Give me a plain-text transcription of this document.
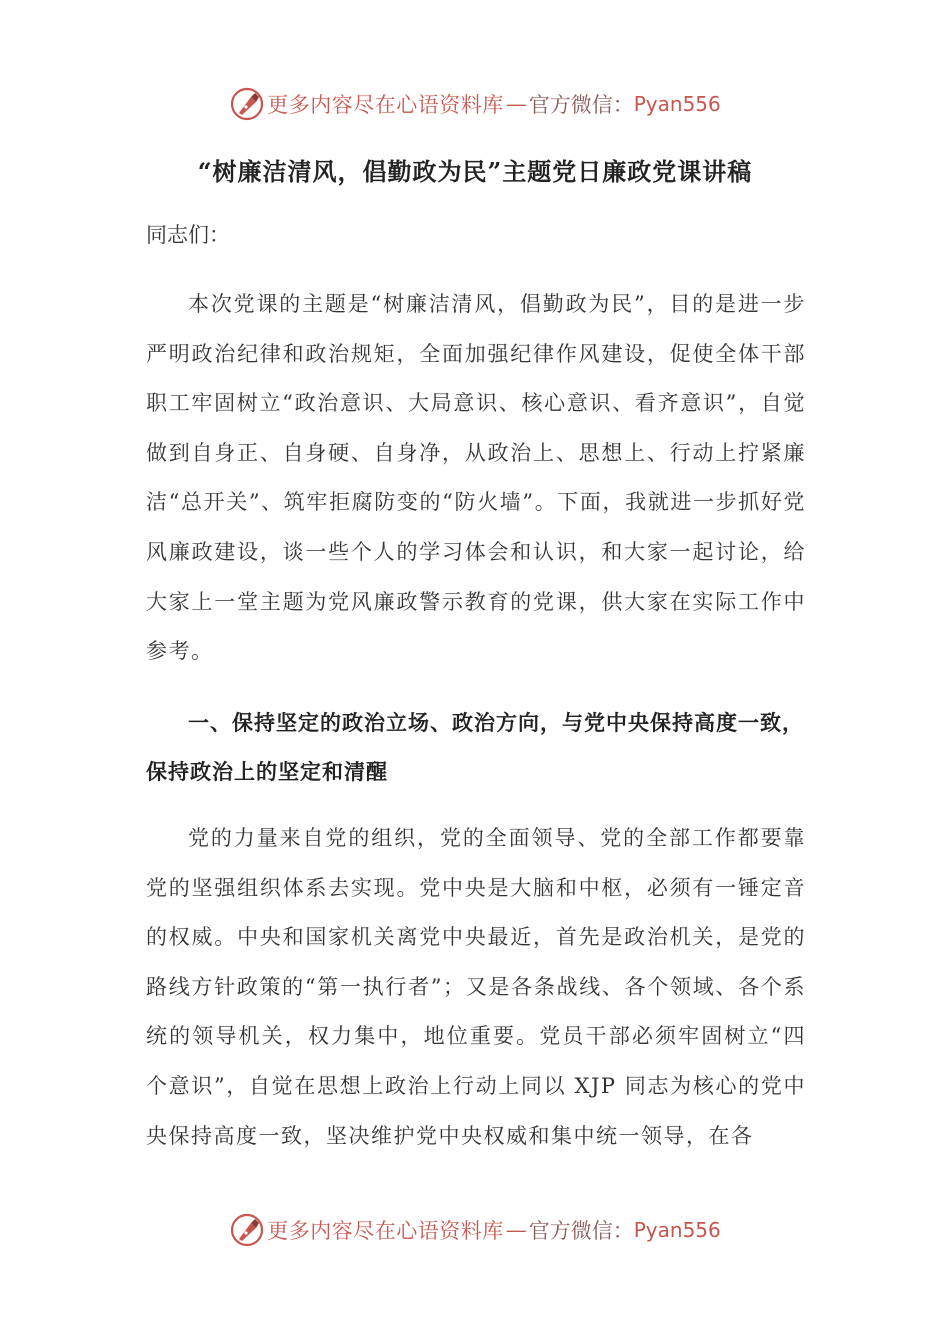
更多内容尽在心语资料库 — 官方微信： Pyan556
“树廉洁清风，倡勤政为民”主题党日廉政党课讲稿

同志们：

本次党课的主题是“树廉洁清风，倡勤政为民”，目的是进一步严明政治纪律和政治规矩，全面加强纪律作风建设，促使全体干部职工牢固树立“政治意识、大局意识、核心意识、看齐意识”，自觉做到自身正、自身硬、自身净，从政治上、思想上、行动上拧紧廉洁“总开关”、筑牢拒腐防变的“防火墙”。下面，我就进一步抓好党风廉政建设，谈一些个人的学习体会和认识，和大家一起讨论，给大家上一堂主题为党风廉政警示教育的党课，供大家在实际工作中参考。

一、保持坚定的政治立场、政治方向，与党中央保持高度一致，保持政治上的坚定和清醒

党的力量来自党的组织，党的全面领导、党的全部工作都要靠党的坚强组织体系去实现。党中央是大脑和中枢，必须有一锤定音的权威。中央和国家机关离党中央最近，首先是政治机关，是党的路线方针政策的“第一执行者”；又是各条战线、各个领域、各个系统的领导机关，权力集中，地位重要。党员干部必须牢固树立“四个意识”，自觉在思想上政治上行动上同以 XJP 同志为核心的党中央保持高度一致，坚决维护党中央权威和集中统一领导，在各

更多内容尽在心语资料库 — 官方微信： Pyan556
